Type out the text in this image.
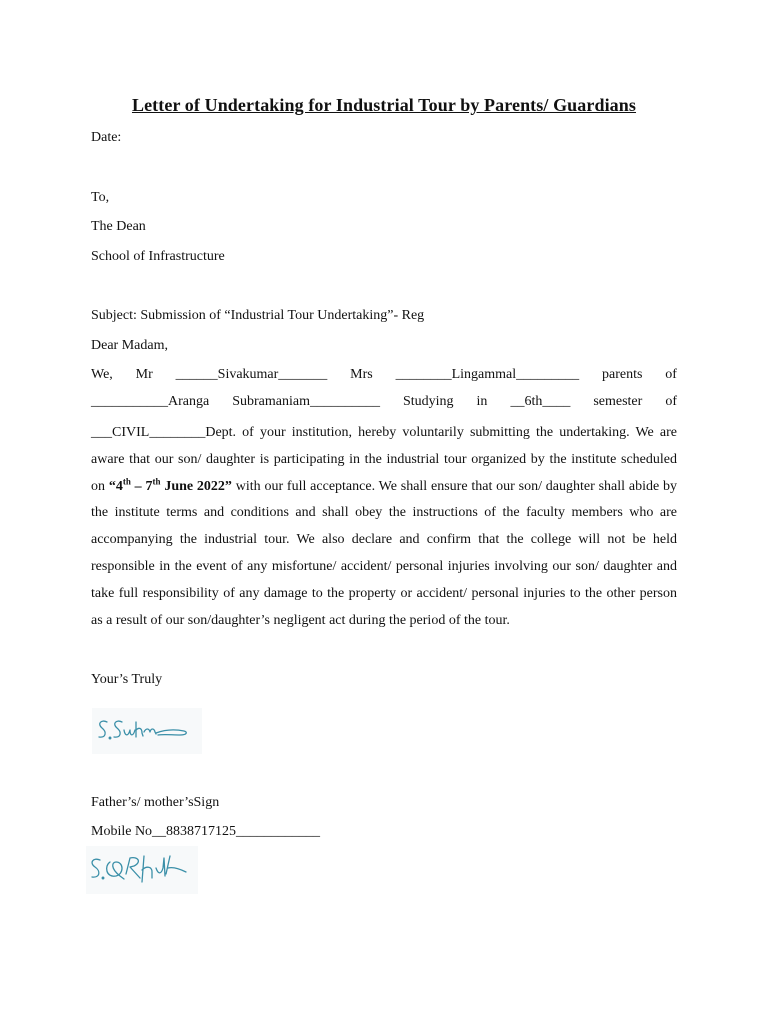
Letter of Undertaking for Industrial Tour by Parents/ Guardians
Date:
To,
The Dean
School of Infrastructure
Subject: Submission of “Industrial Tour Undertaking”- Reg
Dear Madam,
We, Mr ______Sivakumar_______ Mrs ________Lingammal_________ parents of
___________Aranga Subramaniam__________ Studying in __6th____ semester of
___CIVIL________Dept. of your institution, hereby voluntarily submitting the undertaking. We are aware that our son/ daughter is participating in the industrial tour organized by the institute scheduled on “4th – 7th June 2022” with our full acceptance. We shall ensure that our son/ daughter shall abide by the institute terms and conditions and shall obey the instructions of the faculty members who are accompanying the industrial tour. We also declare and confirm that the college will not be held responsible in the event of any misfortune/ accident/ personal injuries involving our son/ daughter and take full responsibility of any damage to the property or accident/ personal injuries to the other person as a result of our son/daughter’s negligent act during the period of the tour.
Your’s Truly
Father’s/ mother’sSign
Mobile No__8838717125____________
